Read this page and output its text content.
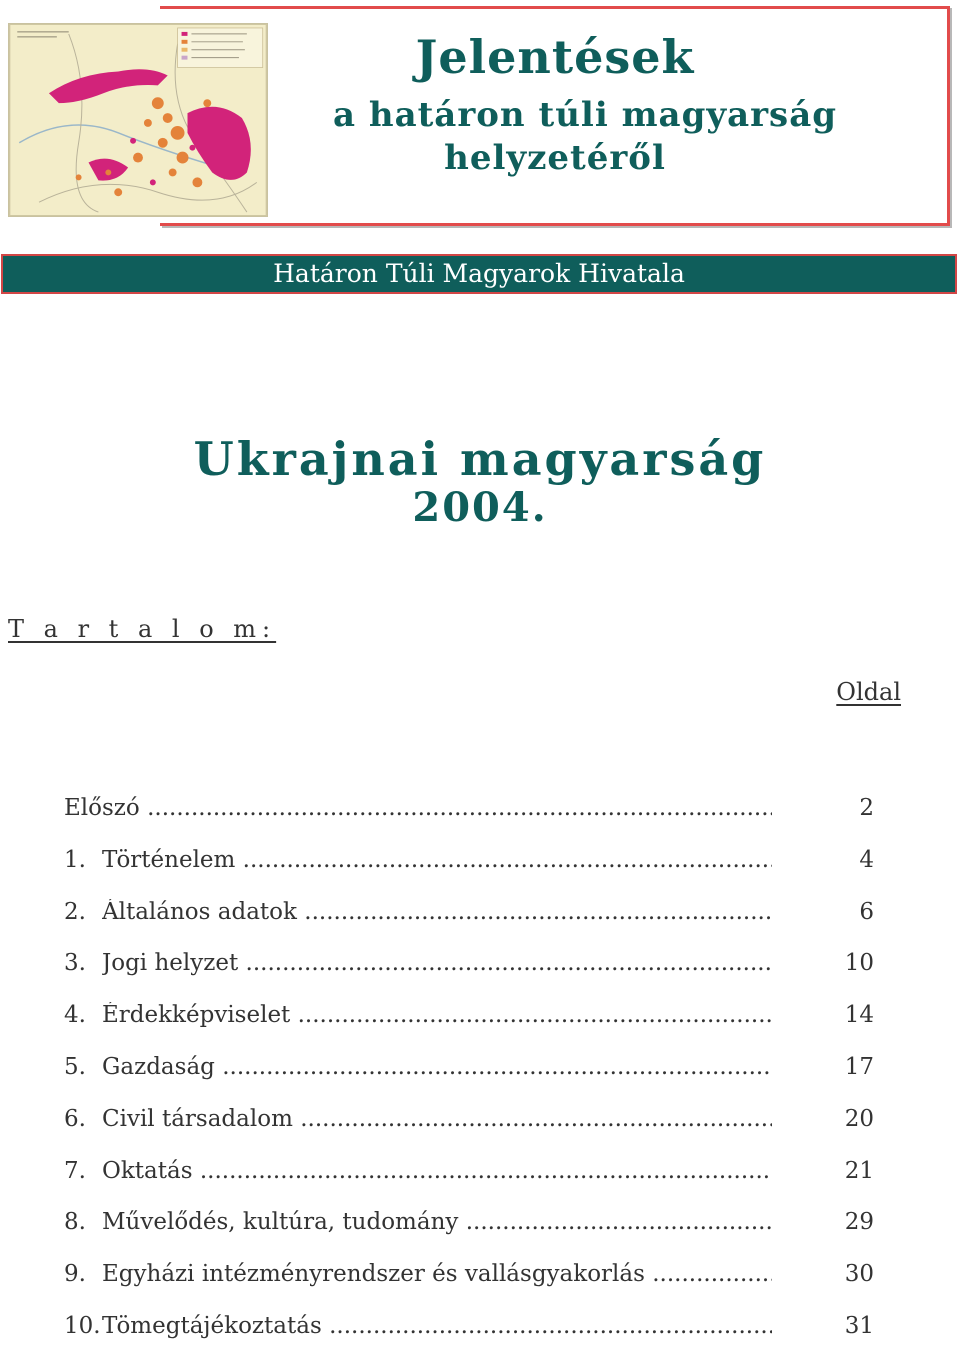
Jelentések
a határon túli magyarság
helyzetéről
Határon Túli Magyarok Hivatala
Ukrajnai magyarság
2004.
T a r t a l o m:
Oldal
Előszó .....	2
1. Történelem .....	4
2. Általános adatok .....	6
3. Jogi helyzet .....	10
4. Érdekképviselet .....	14
5. Gazdaság .....	17
6. Civil társadalom .....	20
7. Oktatás .....	21
8. Művelődés, kultúra, tudomány .....	29
9. Egyházi intézményrendszer és vallásgyakorlás .....	30
10. Tömegtájékoztatás .....	31
